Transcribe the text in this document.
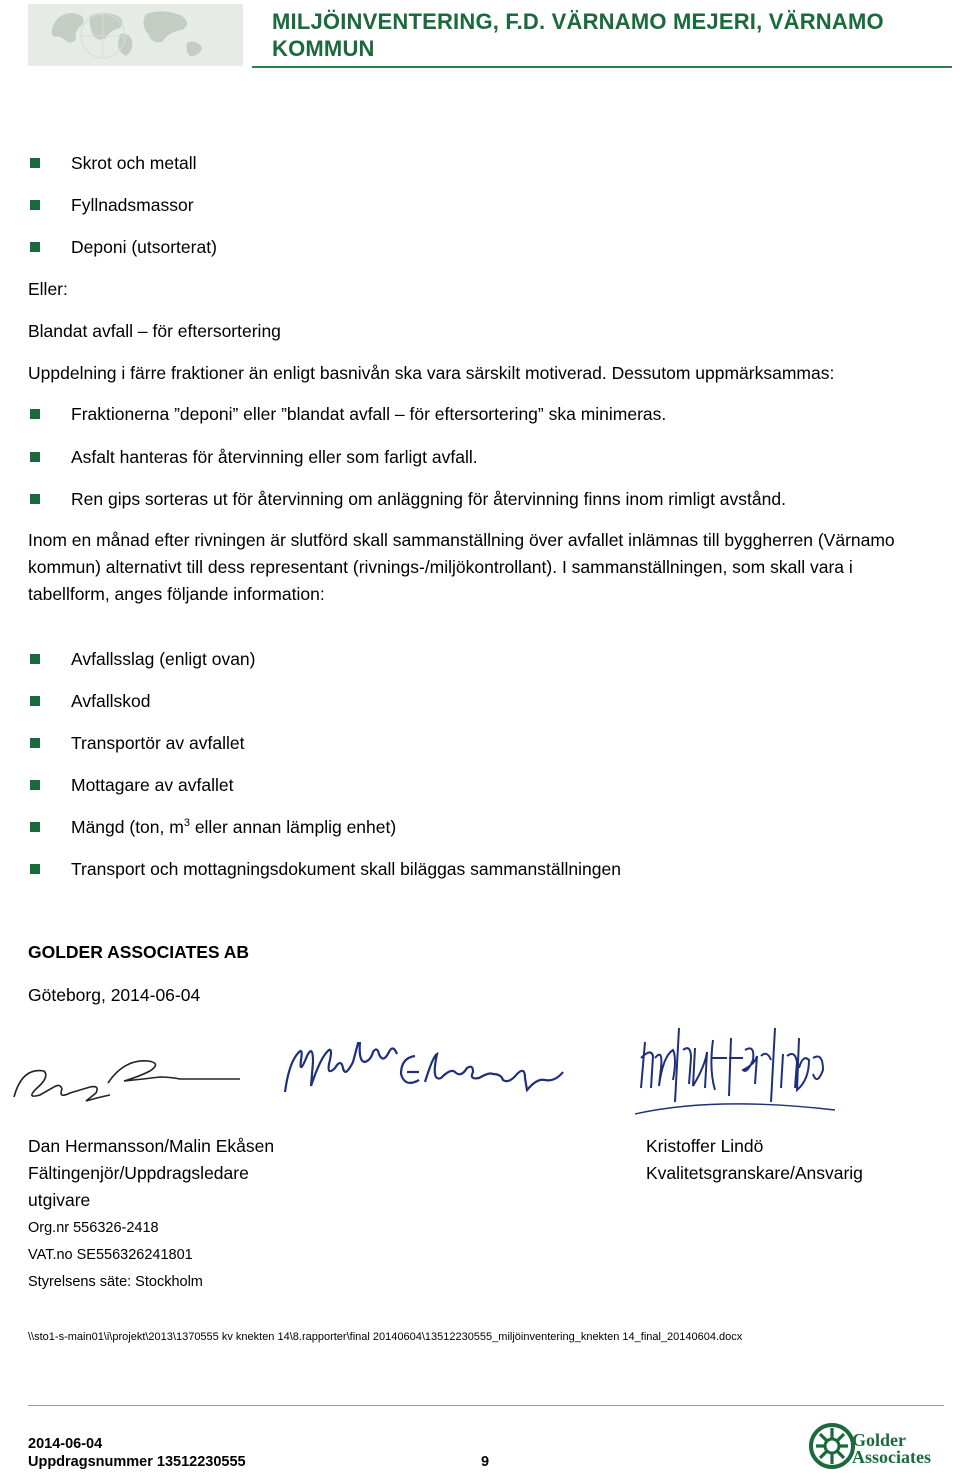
MILJÖINVENTERING, F.D. VÄRNAMO MEJERI, VÄRNAMO KOMMUN
Skrot och metall
Fyllnadsmassor
Deponi (utsorterat)
Eller:
Blandat avfall – för eftersortering
Uppdelning i färre fraktioner än enligt basnivån ska vara särskilt motiverad. Dessutom uppmärksammas:
Fraktionerna ”deponi” eller ”blandat avfall – för eftersortering” ska minimeras.
Asfalt hanteras för återvinning eller som farligt avfall.
Ren gips sorteras ut för återvinning om anläggning för återvinning finns inom rimligt avstånd.
Inom en månad efter rivningen är slutförd skall sammanställning över avfallet inlämnas till byggherren (Värnamo kommun) alternativt till dess representant (rivnings-/miljökontrollant). I sammanställningen, som skall vara i tabellform, anges följande information:
Avfallsslag (enligt ovan)
Avfallskod
Transportör av avfallet
Mottagare av avfallet
Mängd (ton, $m^3$ eller annan lämplig enhet)
Transport och mottagningsdokument skall biläggas sammanställningen
GOLDER ASSOCIATES AB
Göteborg, 2014-06-04
Dan Hermansson/Malin Ekåsen
Fältingenjör/Uppdragsledare
utgivare
Kristoffer Lindö
Kvalitetsgranskare/Ansvarig
Org.nr 556326-2418
VAT.no SE556326241801
Styrelsens säte: Stockholm
\\sto1-s-main01\i\projekt\2013\1370555 kv knekten 14\8.rapporter\final 20140604\13512230555_miljöinventering_knekten 14_final_20140604.docx
2014-06-04
Uppdragsnummer 13512230555	9
Golder Associates
